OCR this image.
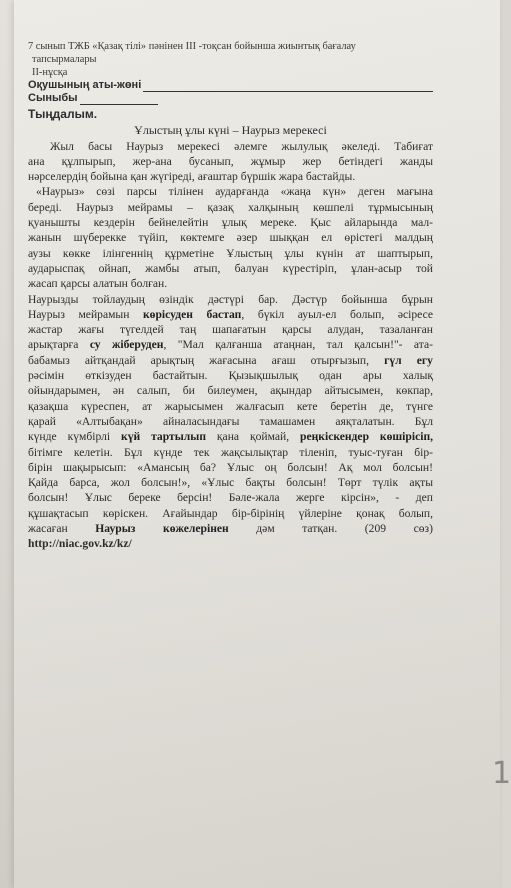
1
7 сынып ТЖБ «Қазақ тілі» пәнінен ІІІ -тоқсан бойынша жиынтық бағалау
тапсырмалары
ІІ-нұсқа
Оқушының аты-жөні
Сыныбы
Тыңдалым.
Ұлыстың ұлы күні – Наурыз мерекесі
Жыл басы Наурыз мерекесі әлемге жылулық әкеледі. Табиғат
ана құлпырып, жер-ана бусанып, жұмыр жер бетіндегі жанды
нәрселердің бойына қан жүгіреді, ағаштар бүршік жара бастайды.
«Наурыз» сөзі парсы тілінен аударғанда «жаңа күн» деген мағына
береді. Наурыз мейрамы – қазақ халқының көшпелі тұрмысының
қуанышты кездерін бейнелейтін ұлық мереке. Қыс айларында мал-
жанын шүберекке түйіп, көктемге әзер шыққан ел өрістегі малдың
аузы көкке ілінгеннің құрметіне Ұлыстың ұлы күнін ат шаптырып,
аударыспақ ойнап, жамбы атып, балуан күрестіріп, ұлан-асыр той
жасап қарсы алатын болған.
Наурызды тойлаудың өзіндік дәстүрі бар. Дәстүр бойынша бұрын
Наурыз мейрамын көрісуден бастап, бүкіл ауыл-ел болып, әсіресе
жастар жағы түгелдей таң шапағатын қарсы алудан, тазаланған
арықтарға су жіберуден, "Мал қалғанша атаңнан, тал қалсын!"- ата-
бабамыз айтқандай арықтың жағасына ағаш отырғызып, гүл егу
рәсімін өткізуден бастайтын. Қызықшылық одан ары халық
ойындарымен, ән салып, би билеумен, ақындар айтысымен, көкпар,
қазақша күреспен, ат жарысымен жалғасып кете беретін де, түнге
қарай «Алтыбақан» айналасындағы тамашамен аяқталатын. Бұл
күнде күмбірлі күй тартылып қана қоймай, реңкіскендер көшірісіп,
бітімге келетін. Бұл күнде тек жақсылықтар тіленіп, туыс-туған бір-
бірін шақырысып: «Амансың ба? Ұлыс оң болсын! Ақ мол болсын!
Қайда барса, жол болсын!», «Ұлыс бақты болсын! Төрт түлік ақты
болсын! Ұлыс береке берсін! Бәле-жала жерге кірсін», - деп
құшақтасып көріскен. Ағайындар бір-бірінің үйлеріне қонақ болып,
жасаған Наурыз көжелерінен дәм татқан. (209 сөз)
http://niac.gov.kz/kz/
